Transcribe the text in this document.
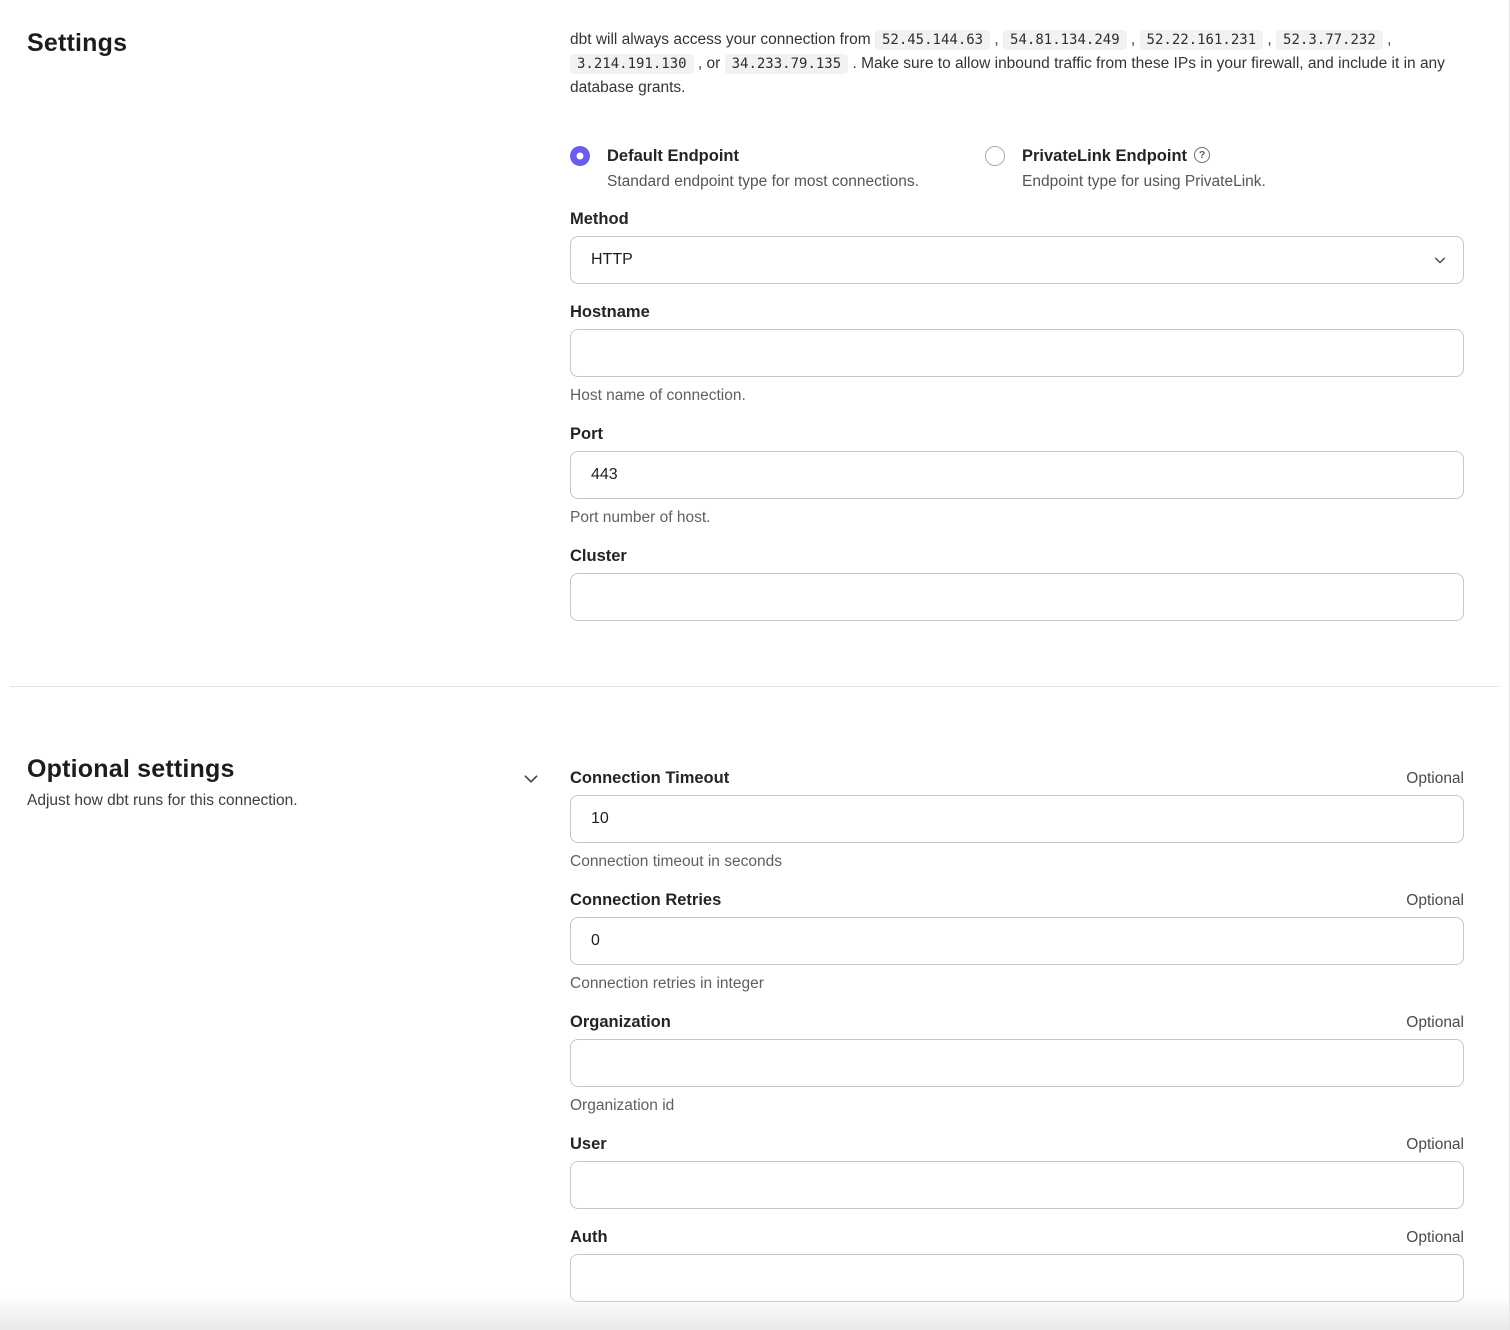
Settings	dbt will always access your connection from 52.45.144.63 , 54.81.134.249 , 52.22.161.231 , 52.3.77.232 , 3.214.191.130 , or 34.233.79.135 . Make sure to allow inbound traffic from these IPs in your firewall, and include it in any database grants.

Default Endpoint
Standard endpoint type for most connections.
PrivateLink Endpoint ?
Endpoint type for using PrivateLink.
Method
HTTP
Hostname
Host name of connection.
Port
443
Port number of host.
Cluster
Optional settings

Adjust how dbt runs for this connection.

Connection Timeout	Optional
10
Connection timeout in seconds
Connection Retries	Optional
0
Connection retries in integer
Organization	Optional
Organization id
User	Optional
Auth	Optional
